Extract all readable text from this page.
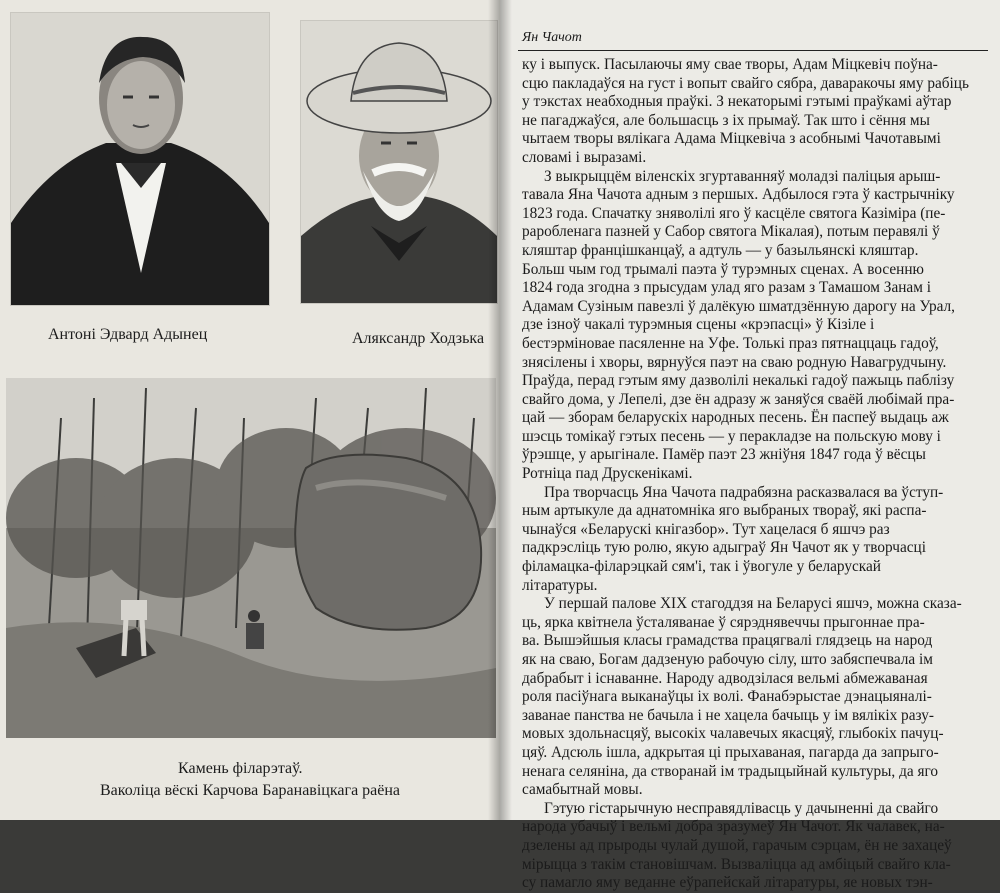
Антоні Эдвард Адынец	Аляксандр Ходзька
Камень філарэтаў.
Ваколіца вёскі Карчова Баранавіцкага раёна
Ян Чачот
ку і выпуск. Пасылаючы яму свае творы, Адам Міцкевіч поўна-
сцю пакладаўся на густ і вопыт свайго сябра, даваракочы яму рабіць
у тэкстах неабходныя праўкі. З некаторымі гэтымі праўкамі аўтар
не пагаджаўся, але большасць з іх прымаў. Так што і сёння мы
чытаем творы вялікага Адама Міцкевіча з асобнымі Чачотавымі
словамі і выразамі.
З выкрыццём віленскіх згуртаванняў моладзі паліцыя арыш-
тавала Яна Чачота адным з першых. Адбылося гэта ў кастрычніку
1823 года. Спачатку зняволілі яго ў касцёле святога Казіміра (пе-
раробленага пазней у Сабор святога Мікалая), потым перавялі ў
кляштар францішканцаў, а адтуль — у базыльянскі кляштар.
Больш чым год трымалі паэта ў турэмных сценах. А восенню
1824 года згодна з прысудам улад яго разам з Тамашом Занам і
Адамам Сузіным павезлі ў далёкую шматдзённую дарогу на Урал,
дзе ізноў чакалі турэмныя сцены «крэпасці» ў Кізіле і
бестэрміновае пасяленне на Уфе. Толькі праз пятнаццаць гадоў,
знясілены і хворы, вярнуўся паэт на сваю родную Навагрудчыну.
Праўда, перад гэтым яму дазволілі некалькі гадоў пажыць паблізу
свайго дома, у Лепелі, дзе ён адразу ж заняўся сваёй любімай пра-
цай — зборам беларускіх народных песень. Ён паспеў выдаць аж
шэсць томікаў гэтых песень — у перакладзе на польскую мову і
ўрэшце, у арыгінале. Памёр паэт 23 жніўня 1847 года ў вёсцы
Ротніца пад Друскенікамі.
Пра творчасць Яна Чачота падрабязна расказвалася ва ўступ-
ным артыкуле да аднатомніка яго выбраных твораў, які распа-
чынаўся «Беларускі кнігазбор». Тут хацелася б яшчэ раз
падкрэсліць тую ролю, якую адыграў Ян Чачот як у творчасці
філамацка-філарэцкай сям'і, так і ўвогуле у беларускай
літаратуры.
У першай палове XIX стагоддзя на Беларусі яшчэ, можна сказа-
ць, ярка квітнела ўсталяванае ў сярэднявеччы прыгоннае пра-
ва. Вышэйшыя класы грамадства працягвалі глядзець на народ
як на сваю, Богам дадзеную рабочую сілу, што забяспечвала ім
дабрабыт і існаванне. Народу адводзілася вельмі абмежаваная
роля пасіўнага выканаўцы іх волі. Фанабэрыстае дэнацыяналі-
заванае панства не бачыла і не хацела бачыць у ім вялікіх разу-
мовых здольнасцяў, высокіх чалавечых якасцяў, глыбокіх пачуц-
цяў. Адсюль ішла, адкрытая ці прыхаваная, пагарда да запрыгo-
ненага селяніна, да створанай ім традыцыйнай культуры, да яго
самабытнай мовы.
Гэтую гістарычную несправядлівасць у дачыненні да свайго
народа убачыў і вельмі добра зразумеў Ян Чачот. Як чалавек, на-
дзелены ад прыроды чулай душой, гарачым сэрцам, ён не захацеў
мірыцца з такім становішчам. Вызваліцца ад амбіцый свайго кла-
су памагло яму веданне еўрапейскай літаратуры, яе новых тэн-
